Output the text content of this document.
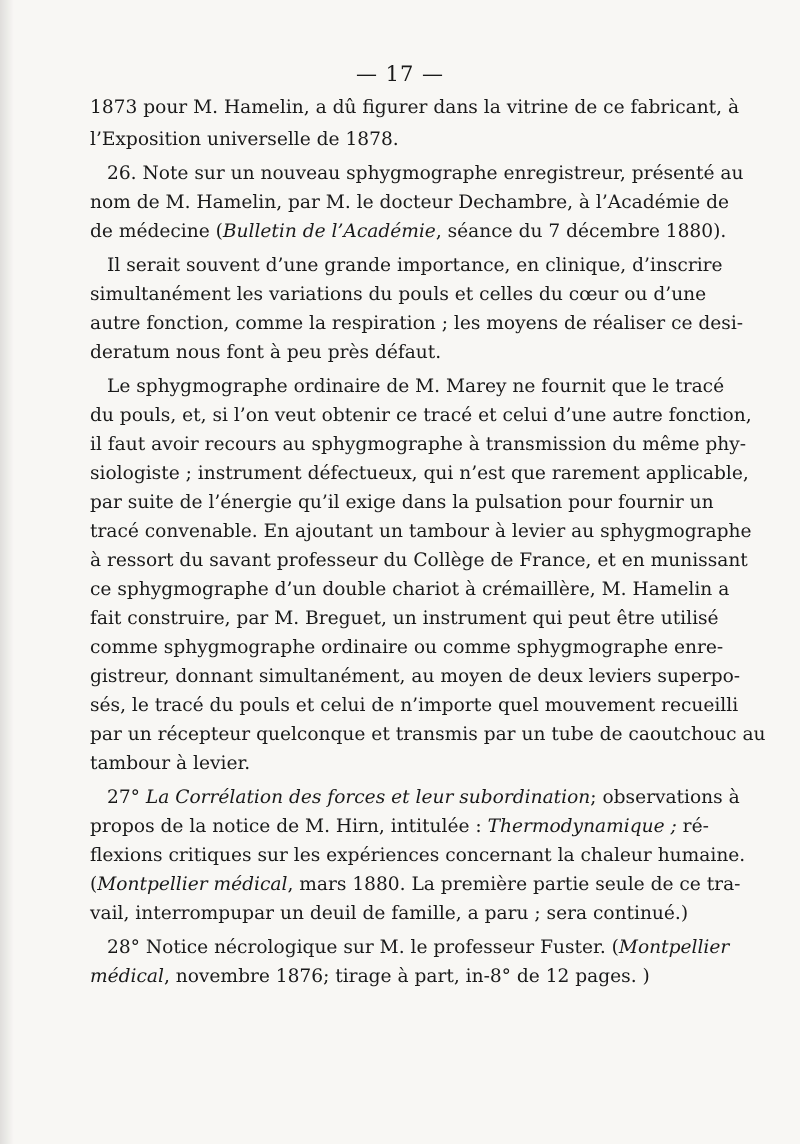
— 17 —
1873 pour M. Hamelin, a dû figurer dans la vitrine de ce fabricant, à
l’Exposition universelle de 1878.
26. Note sur un nouveau sphygmographe enregistreur, présenté au
nom de M. Hamelin, par M. le docteur Dechambre, à l’Académie de
de médecine (Bulletin de l’Académie, séance du 7 décembre 1880).
Il serait souvent d’une grande importance, en clinique, d’inscrire
simultanément les variations du pouls et celles du cœur ou d’une
autre fonction, comme la respiration ; les moyens de réaliser ce desi-
deratum nous font à peu près défaut.
Le sphygmographe ordinaire de M. Marey ne fournit que le tracé
du pouls, et, si l’on veut obtenir ce tracé et celui d’une autre fonction,
il faut avoir recours au sphygmographe à transmission du même phy-
siologiste ; instrument défectueux, qui n’est que rarement applicable,
par suite de l’énergie qu’il exige dans la pulsation pour fournir un
tracé convenable. En ajoutant un tambour à levier au sphygmographe
à ressort du savant professeur du Collège de France, et en munissant
ce sphygmographe d’un double chariot à crémaillère, M. Hamelin a
fait construire, par M. Breguet, un instrument qui peut être utilisé
comme sphygmographe ordinaire ou comme sphygmographe enre-
gistreur, donnant simultanément, au moyen de deux leviers superpo-
sés, le tracé du pouls et celui de n’importe quel mouvement recueilli
par un récepteur quelconque et transmis par un tube de caoutchouc au
tambour à levier.
27° La Corrélation des forces et leur subordination; observations à
propos de la notice de M. Hirn, intitulée : Thermodynamique ; ré-
flexions critiques sur les expériences concernant la chaleur humaine.
(Montpellier médical, mars 1880. La première partie seule de ce tra-
vail, interrompupar un deuil de famille, a paru ; sera continué.)
28° Notice nécrologique sur M. le professeur Fuster. (Montpellier
médical, novembre 1876; tirage à part, in-8° de 12 pages. )
